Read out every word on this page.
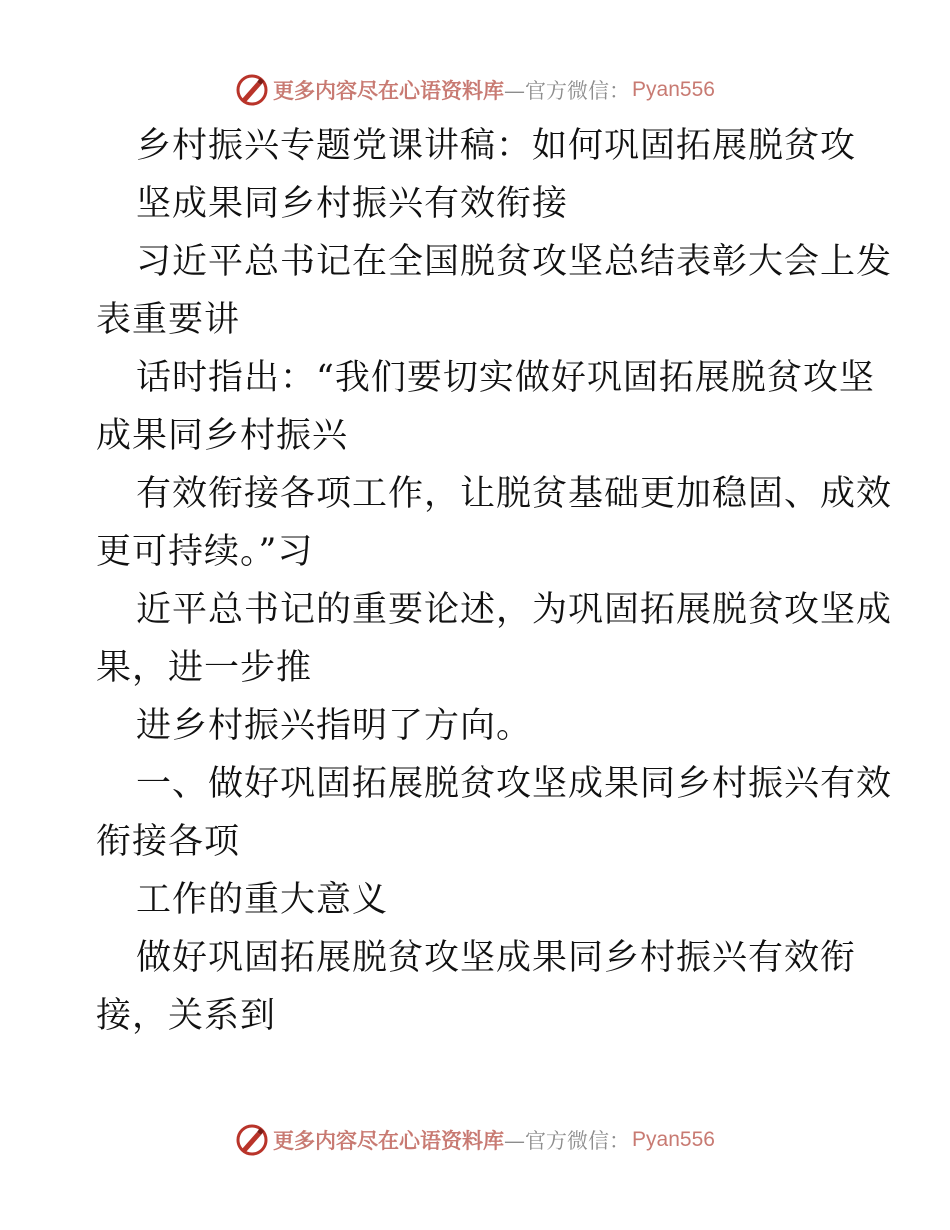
更多内容尽在心语资料库 —官方微信： Pyan556
乡村振兴专题党课讲稿：如何巩固拓展脱贫攻
坚成果同乡村振兴有效衔接
习近平总书记在全国脱贫攻坚总结表彰大会上发
表重要讲
话时指出：“我们要切实做好巩固拓展脱贫攻坚
成果同乡村振兴
有效衔接各项工作，让脱贫基础更加稳固、成效
更可持续。”习
近平总书记的重要论述，为巩固拓展脱贫攻坚成
果，进一步推
进乡村振兴指明了方向。
一、做好巩固拓展脱贫攻坚成果同乡村振兴有效
衔接各项
工作的重大意义
做好巩固拓展脱贫攻坚成果同乡村振兴有效衔
接，关系到
更多内容尽在心语资料库 —官方微信： Pyan556
